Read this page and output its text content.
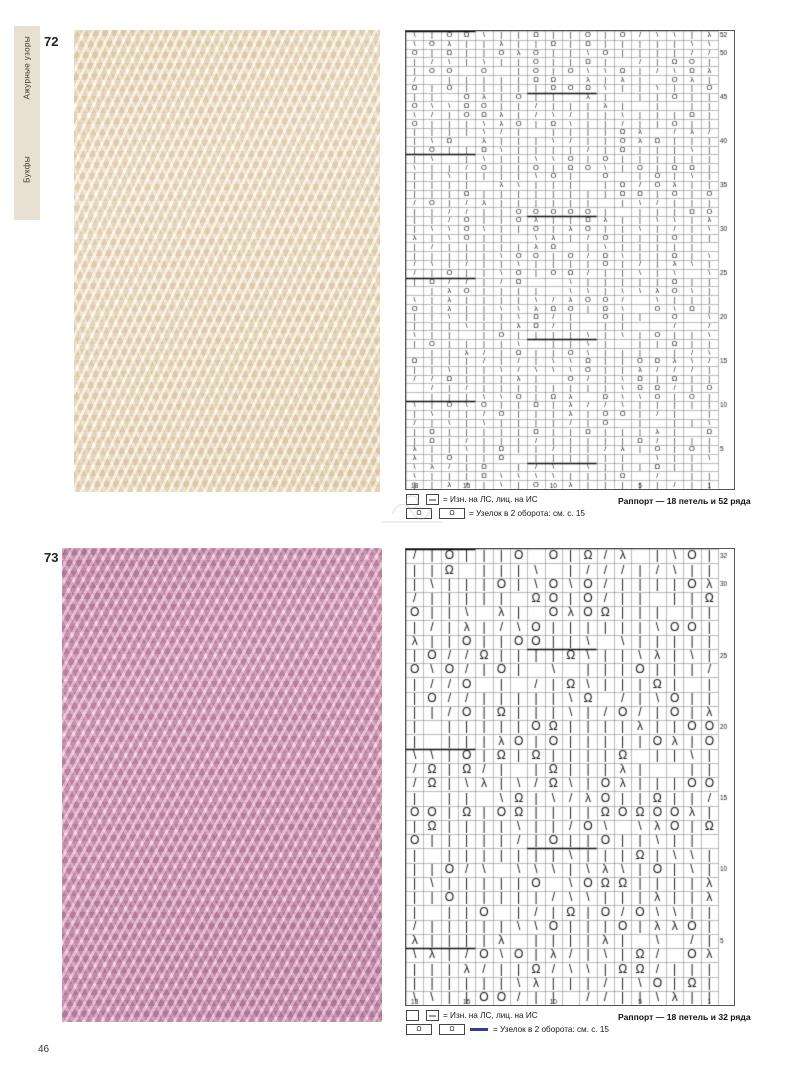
Ажурные узоры
Букфы
46
72
= Изн. на ЛС, лиц. на ИС
Ω	Ω	= Узелок в 2 оборота: см. с. 15
Раппорт — 18 петель и 52 ряда
73
= Изн. на ЛС, лиц. на ИС
Ω	Ω	= Узелок в 2 оборота: см. с. 15
Раппорт — 18 петель и 32 ряда
